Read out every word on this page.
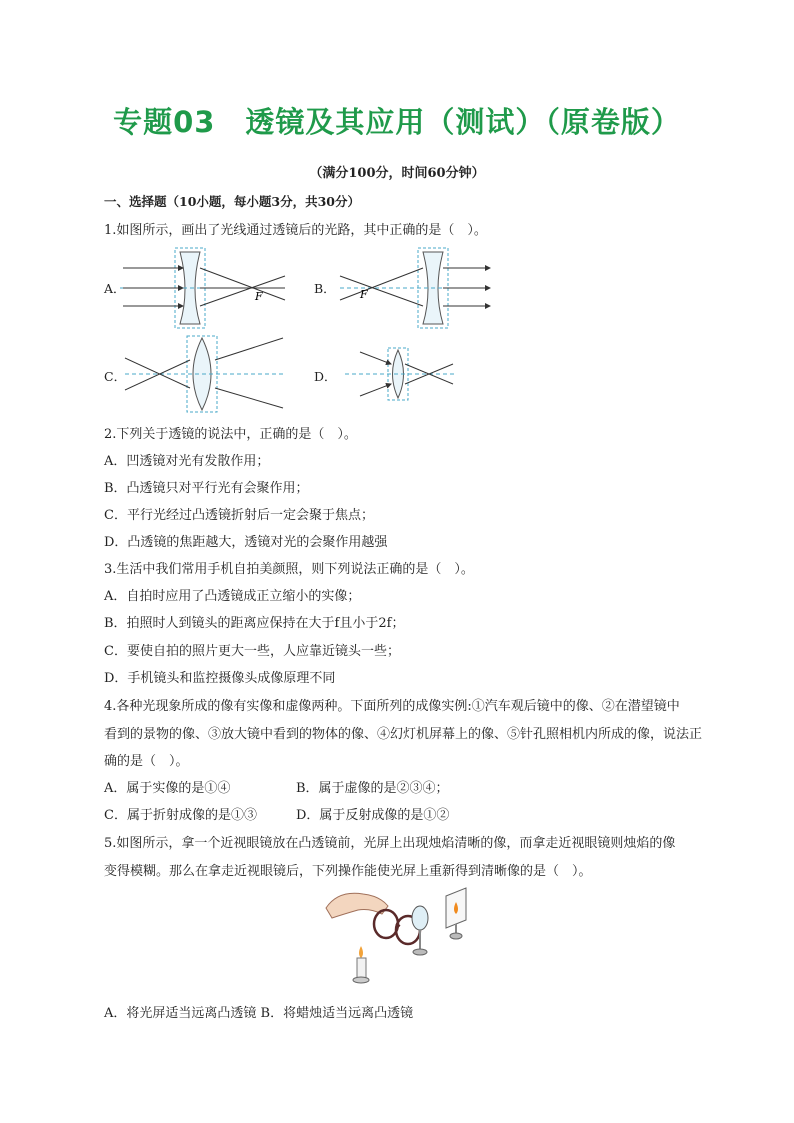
专题03　透镜及其应用（测试）（原卷版）
（满分100分，时间60分钟）
一、选择题（10小题，每小题3分，共30分）
1.如图所示，画出了光线通过透镜后的光路，其中正确的是（　）。
F	F
A．	B．
C．	D．
2.下列关于透镜的说法中，正确的是（　）。
A．凹透镜对光有发散作用；
B．凸透镜只对平行光有会聚作用；
C．平行光经过凸透镜折射后一定会聚于焦点；
D．凸透镜的焦距越大，透镜对光的会聚作用越强
3.生活中我们常用手机自拍美颜照，则下列说法正确的是（　）。
A．自拍时应用了凸透镜成正立缩小的实像；
B．拍照时人到镜头的距离应保持在大于f且小于2f；
C．要使自拍的照片更大一些，人应靠近镜头一些；
D．手机镜头和监控摄像头成像原理不同
4.各种光现象所成的像有实像和虚像两种。下面所列的成像实例:①汽车观后镜中的像、②在潜望镜中
看到的景物的像、③放大镜中看到的物体的像、④幻灯机屏幕上的像、⑤针孔照相机内所成的像，说法正
确的是（　）。
A．属于实像的是①④	B．属于虚像的是②③④；
C．属于折射成像的是①③	D．属于反射成像的是①②
5.如图所示，拿一个近视眼镜放在凸透镜前，光屏上出现烛焰清晰的像，而拿走近视眼镜则烛焰的像
变得模糊。那么在拿走近视眼镜后，下列操作能使光屏上重新得到清晰像的是（　）。
A．将光屏适当远离凸透镜 B．将蜡烛适当远离凸透镜
